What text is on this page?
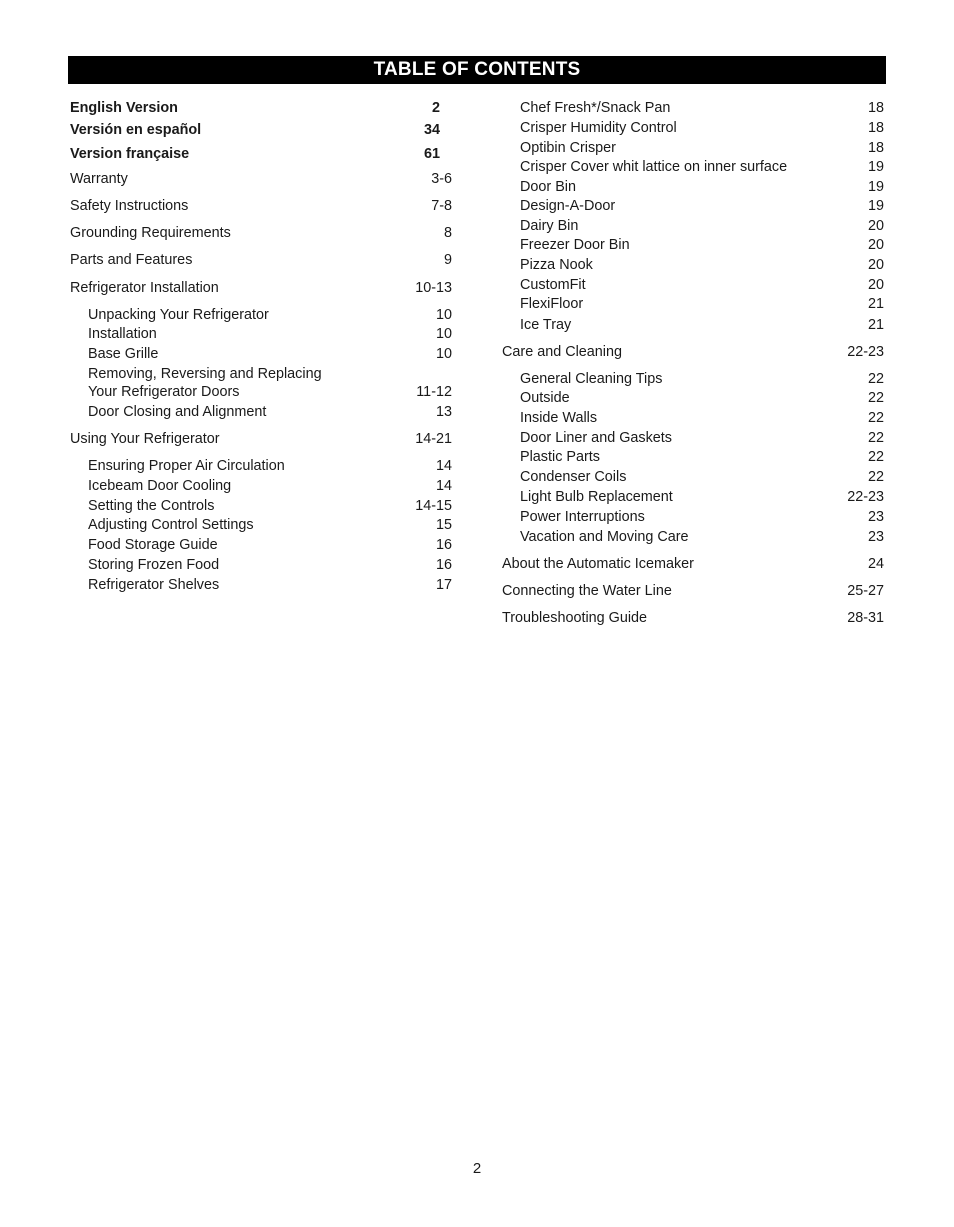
TABLE OF CONTENTS
English Version	2
Versión en español	34
Version française	61
Warranty	3-6
Safety Instructions	7-8
Grounding Requirements	8
Parts and Features	9
Refrigerator Installation	10-13
Unpacking Your Refrigerator	10
Installation	10
Base Grille	10
Removing, Reversing and Replacing
Your Refrigerator Doors	11-12
Door Closing and Alignment	13
Using Your Refrigerator	14-21
Ensuring Proper Air Circulation	14
Icebeam Door Cooling	14
Setting the Controls	14-15
Adjusting Control Settings	15
Food Storage Guide	16
Storing Frozen Food	16
Refrigerator Shelves	17
Chef Fresh*/Snack Pan	18
Crisper Humidity Control	18
Optibin Crisper	18
Crisper Cover whit lattice on inner surface	19
Door Bin	19
Design-A-Door	19
Dairy Bin	20
Freezer Door Bin	20
Pizza Nook	20
CustomFit	20
FlexiFloor	21
Ice Tray	21
Care and Cleaning	22-23
General Cleaning Tips	22
Outside	22
Inside Walls	22
Door Liner and Gaskets	22
Plastic Parts	22
Condenser Coils	22
Light Bulb Replacement	22-23
Power Interruptions	23
Vacation and Moving Care	23
About the Automatic Icemaker	24
Connecting the Water Line	25-27
Troubleshooting Guide	28-31
2
